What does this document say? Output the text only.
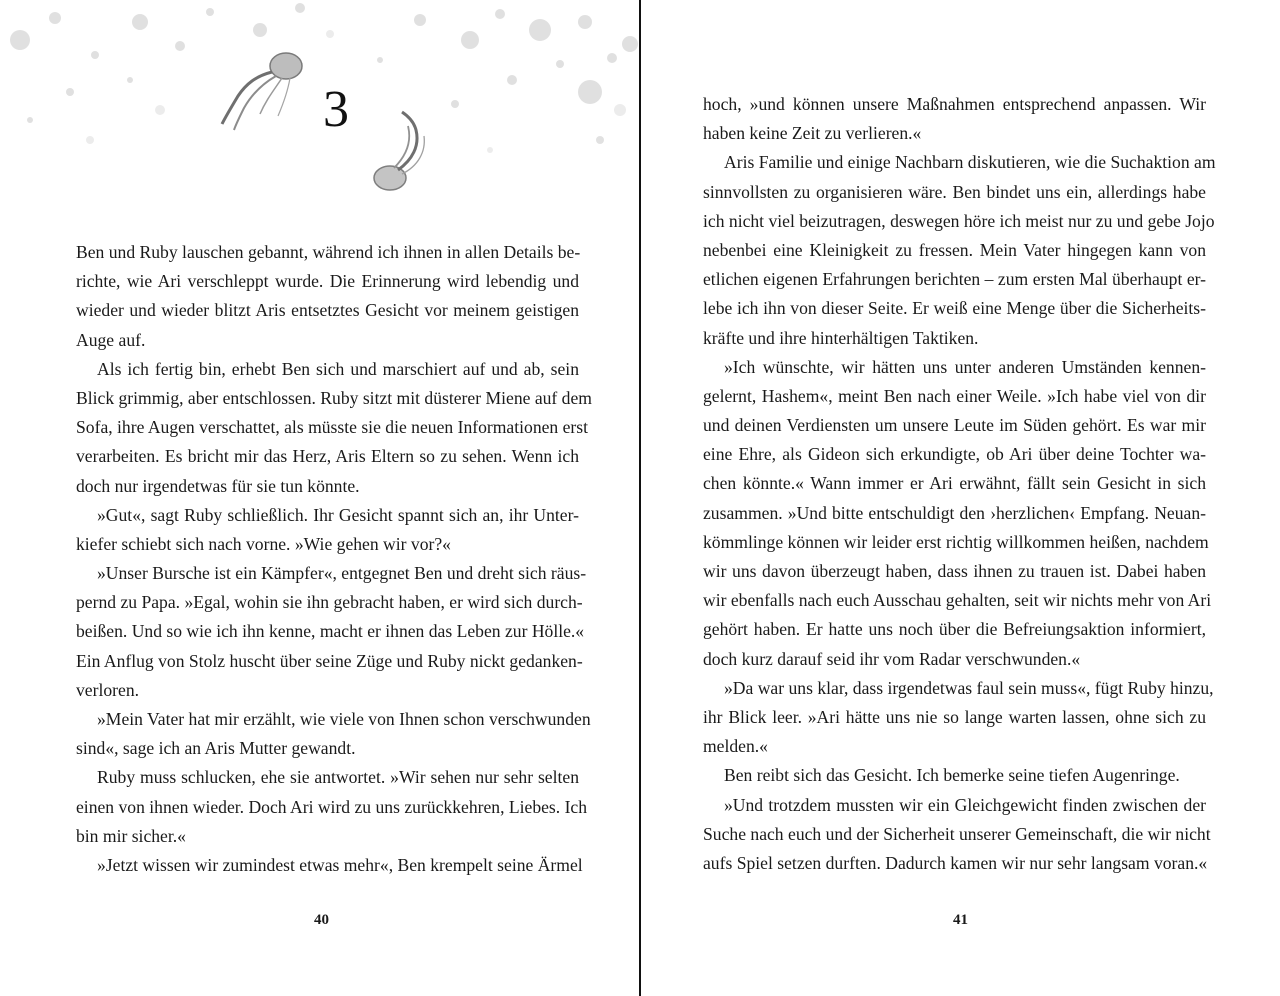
3
Ben und Ruby lauschen gebannt, während ich ihnen in allen Details be-
richte, wie Ari verschleppt wurde. Die Erinnerung wird lebendig und
wieder und wieder blitzt Aris entsetztes Gesicht vor meinem geistigen
Auge auf.
Als ich fertig bin, erhebt Ben sich und marschiert auf und ab, sein
Blick grimmig, aber entschlossen. Ruby sitzt mit düsterer Miene auf dem
Sofa, ihre Augen verschattet, als müsste sie die neuen Informationen erst
verarbeiten. Es bricht mir das Herz, Aris Eltern so zu sehen. Wenn ich
doch nur irgendetwas für sie tun könnte.
»Gut«, sagt Ruby schließlich. Ihr Gesicht spannt sich an, ihr Unter-
kiefer schiebt sich nach vorne. »Wie gehen wir vor?«
»Unser Bursche ist ein Kämpfer«, entgegnet Ben und dreht sich räus-
pernd zu Papa. »Egal, wohin sie ihn gebracht haben, er wird sich durch-
beißen. Und so wie ich ihn kenne, macht er ihnen das Leben zur Hölle.«
Ein Anflug von Stolz huscht über seine Züge und Ruby nickt gedanken-
verloren.
»Mein Vater hat mir erzählt, wie viele von Ihnen schon verschwunden
sind«, sage ich an Aris Mutter gewandt.
Ruby muss schlucken, ehe sie antwortet. »Wir sehen nur sehr selten
einen von ihnen wieder. Doch Ari wird zu uns zurückkehren, Liebes. Ich
bin mir sicher.«
»Jetzt wissen wir zumindest etwas mehr«, Ben krempelt seine Ärmel
40
hoch, »und können unsere Maßnahmen entsprechend anpassen. Wir
haben keine Zeit zu verlieren.«
Aris Familie und einige Nachbarn diskutieren, wie die Suchaktion am
sinnvollsten zu organisieren wäre. Ben bindet uns ein, allerdings habe
ich nicht viel beizutragen, deswegen höre ich meist nur zu und gebe Jojo
nebenbei eine Kleinigkeit zu fressen. Mein Vater hingegen kann von
etlichen eigenen Erfahrungen berichten – zum ersten Mal überhaupt er-
lebe ich ihn von dieser Seite. Er weiß eine Menge über die Sicherheits-
kräfte und ihre hinterhältigen Taktiken.
»Ich wünschte, wir hätten uns unter anderen Umständen kennen-
gelernt, Hashem«, meint Ben nach einer Weile. »Ich habe viel von dir
und deinen Verdiensten um unsere Leute im Süden gehört. Es war mir
eine Ehre, als Gideon sich erkundigte, ob Ari über deine Tochter wa-
chen könnte.« Wann immer er Ari erwähnt, fällt sein Gesicht in sich
zusammen. »Und bitte entschuldigt den ›herzlichen‹ Empfang. Neuan-
kömmlinge können wir leider erst richtig willkommen heißen, nachdem
wir uns davon überzeugt haben, dass ihnen zu trauen ist. Dabei haben
wir ebenfalls nach euch Ausschau gehalten, seit wir nichts mehr von Ari
gehört haben. Er hatte uns noch über die Befreiungsaktion informiert,
doch kurz darauf seid ihr vom Radar verschwunden.«
»Da war uns klar, dass irgendetwas faul sein muss«, fügt Ruby hinzu,
ihr Blick leer. »Ari hätte uns nie so lange warten lassen, ohne sich zu
melden.«
Ben reibt sich das Gesicht. Ich bemerke seine tiefen Augenringe.
»Und trotzdem mussten wir ein Gleichgewicht finden zwischen der
Suche nach euch und der Sicherheit unserer Gemeinschaft, die wir nicht
aufs Spiel setzen durften. Dadurch kamen wir nur sehr langsam voran.«
41
